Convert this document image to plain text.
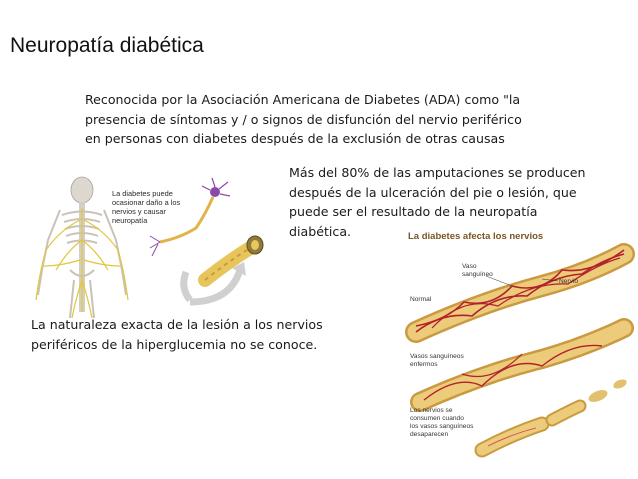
Neuropatía diabética
Reconocida por la Asociación Americana de Diabetes (ADA) como "la
presencia de síntomas y / o signos de disfunción del nervio periférico
en personas con diabetes después de la exclusión de otras causas
Más del 80% de las amputaciones se producen
después de la ulceración del pie o lesión, que
puede ser el resultado de la neuropatía
diabética.
La diabetes puede
ocasionar daño a los
nervios y causar
neuropatía
La naturaleza exacta de la lesión a los nervios
periféricos de la hiperglucemia no se conoce.
La diabetes afecta los nervios
Vaso
sanguíneo
Nervio
Normal
Vasos sanguíneos
enfermos
Los nervios se
consumen cuando
los vasos sanguíneos
desaparecen
